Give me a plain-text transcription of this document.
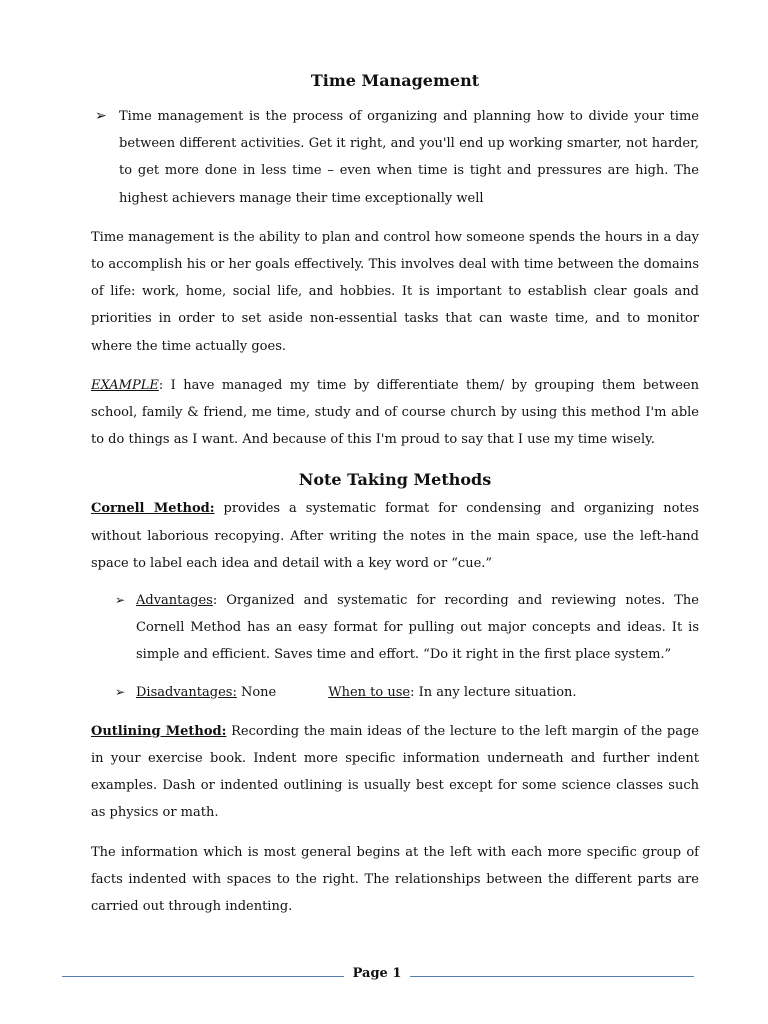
Time Management
➢ Time management is the process of organizing and planning how to divide your time between different activities. Get it right, and you'll end up working smarter, not harder, to get more done in less time – even when time is tight and pressures are high. The highest achievers manage their time exceptionally well

Time management is the ability to plan and control how someone spends the hours in a day to accomplish his or her goals effectively. This involves deal with time between the domains of life: work, home, social life, and hobbies. It is important to establish clear goals and priorities in order to set aside non-essential tasks that can waste time, and to monitor where the time actually goes.

EXAMPLE: I have managed my time by differentiate them/ by grouping them between school, family & friend, me time, study and of course church by using this method I'm able to do things as I want. And because of this I'm proud to say that I use my time wisely.

Note Taking Methods

Cornell Method: provides a systematic format for condensing and organizing notes without laborious recopying. After writing the notes in the main space, use the left-hand space to label each idea and detail with a key word or “cue.”

➢ Advantages: Organized and systematic for recording and reviewing notes. The Cornell Method has an easy format for pulling out major concepts and ideas. It is simple and efficient. Saves time and effort. “Do it right in the first place system.”

➢ Disadvantages: None	When to use: In any lecture situation.

Outlining Method: Recording the main ideas of the lecture to the left margin of the page in your exercise book. Indent more specific information underneath and further indent examples. Dash or indented outlining is usually best except for some science classes such as physics or math.

The information which is most general begins at the left with each more specific group of facts indented with spaces to the right. The relationships between the different parts are carried out through indenting.

Page 1
